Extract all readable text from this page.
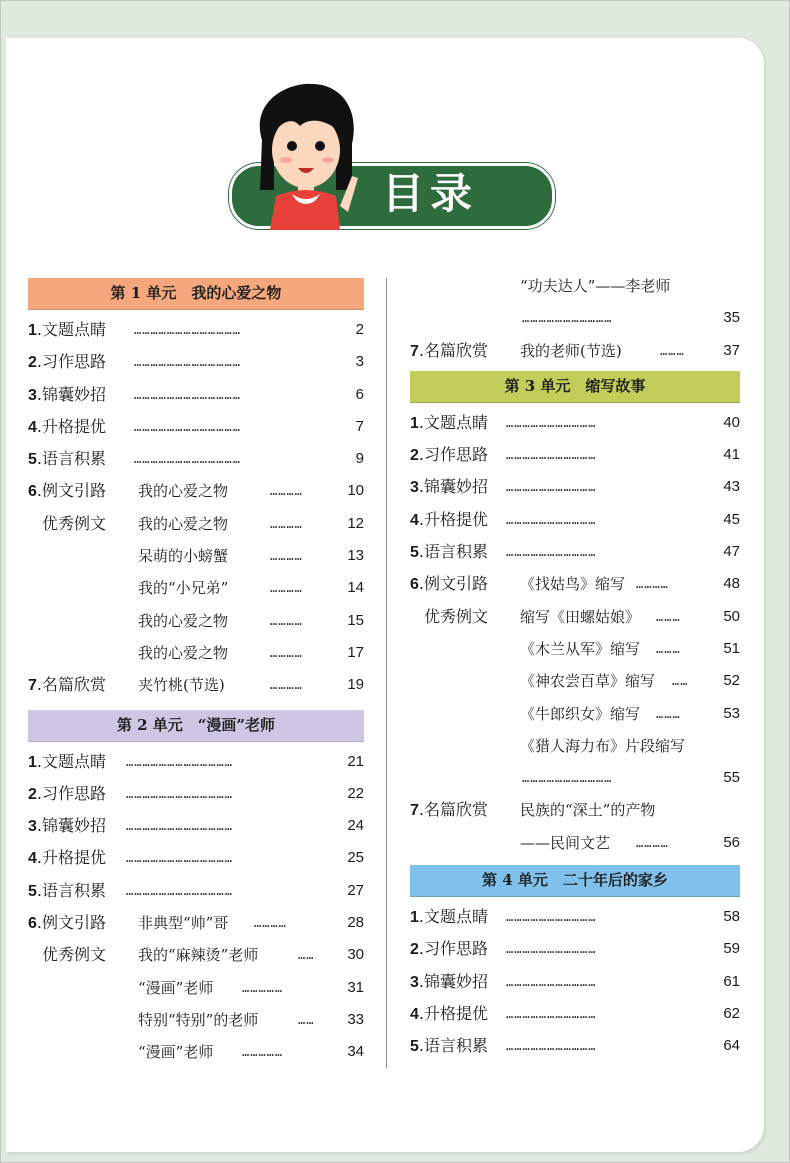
目录
第 1 单元　我的心爱之物
1.文题点睛 …………………………………	2
2.习作思路 …………………………………	3
3.锦囊妙招 …………………………………	6
4.升格提优 …………………………………	7
5.语言积累 …………………………………	9
6.例文引路 我的心爱之物	…………	10
优秀例文 我的心爱之物	…………	12
呆萌的小螃蟹	…………	13
我的“小兄弟”	…………	14
我的心爱之物	…………	15
我的心爱之物	…………	17
7.名篇欣赏 夹竹桃(节选)	…………	19
第 2 单元　“漫画”老师
1.文题点睛 …………………………………	21
2.习作思路 …………………………………	22
3.锦囊妙招 …………………………………	24
4.升格提优 …………………………………	25
5.语言积累 …………………………………	27
6.例文引路 非典型“帅”哥 …………	28
优秀例文 我的“麻辣烫”老师	……	30
“漫画”老师 ……………	31
特别“特别”的老师	……	33
“漫画”老师 ……………	34
“功夫达人”——李老师
……………………………	35
7.名篇欣赏 我的老师(节选)	………	37
第 3 单元　缩写故事
1.文题点睛 ……………………………	40
2.习作思路 ……………………………	41
3.锦囊妙招 ……………………………	43
4.升格提优 ……………………………	45
5.语言积累 ……………………………	47
6.例文引路 《找姑鸟》缩写 …………	48
优秀例文 缩写《田螺姑娘》 ………	50
《木兰从军》缩写 ………	51
《神农尝百草》缩写 ……	52
《牛郎织女》缩写 ………	53
《猎人海力布》片段缩写
……………………………	55
7.名篇欣赏 民族的“深土”的产物
——民间文艺 …………	56
第 4 单元　二十年后的家乡
1.文题点睛 ……………………………	58
2.习作思路 ……………………………	59
3.锦囊妙招 ……………………………	61
4.升格提优 ……………………………	62
5.语言积累 ……………………………	64
